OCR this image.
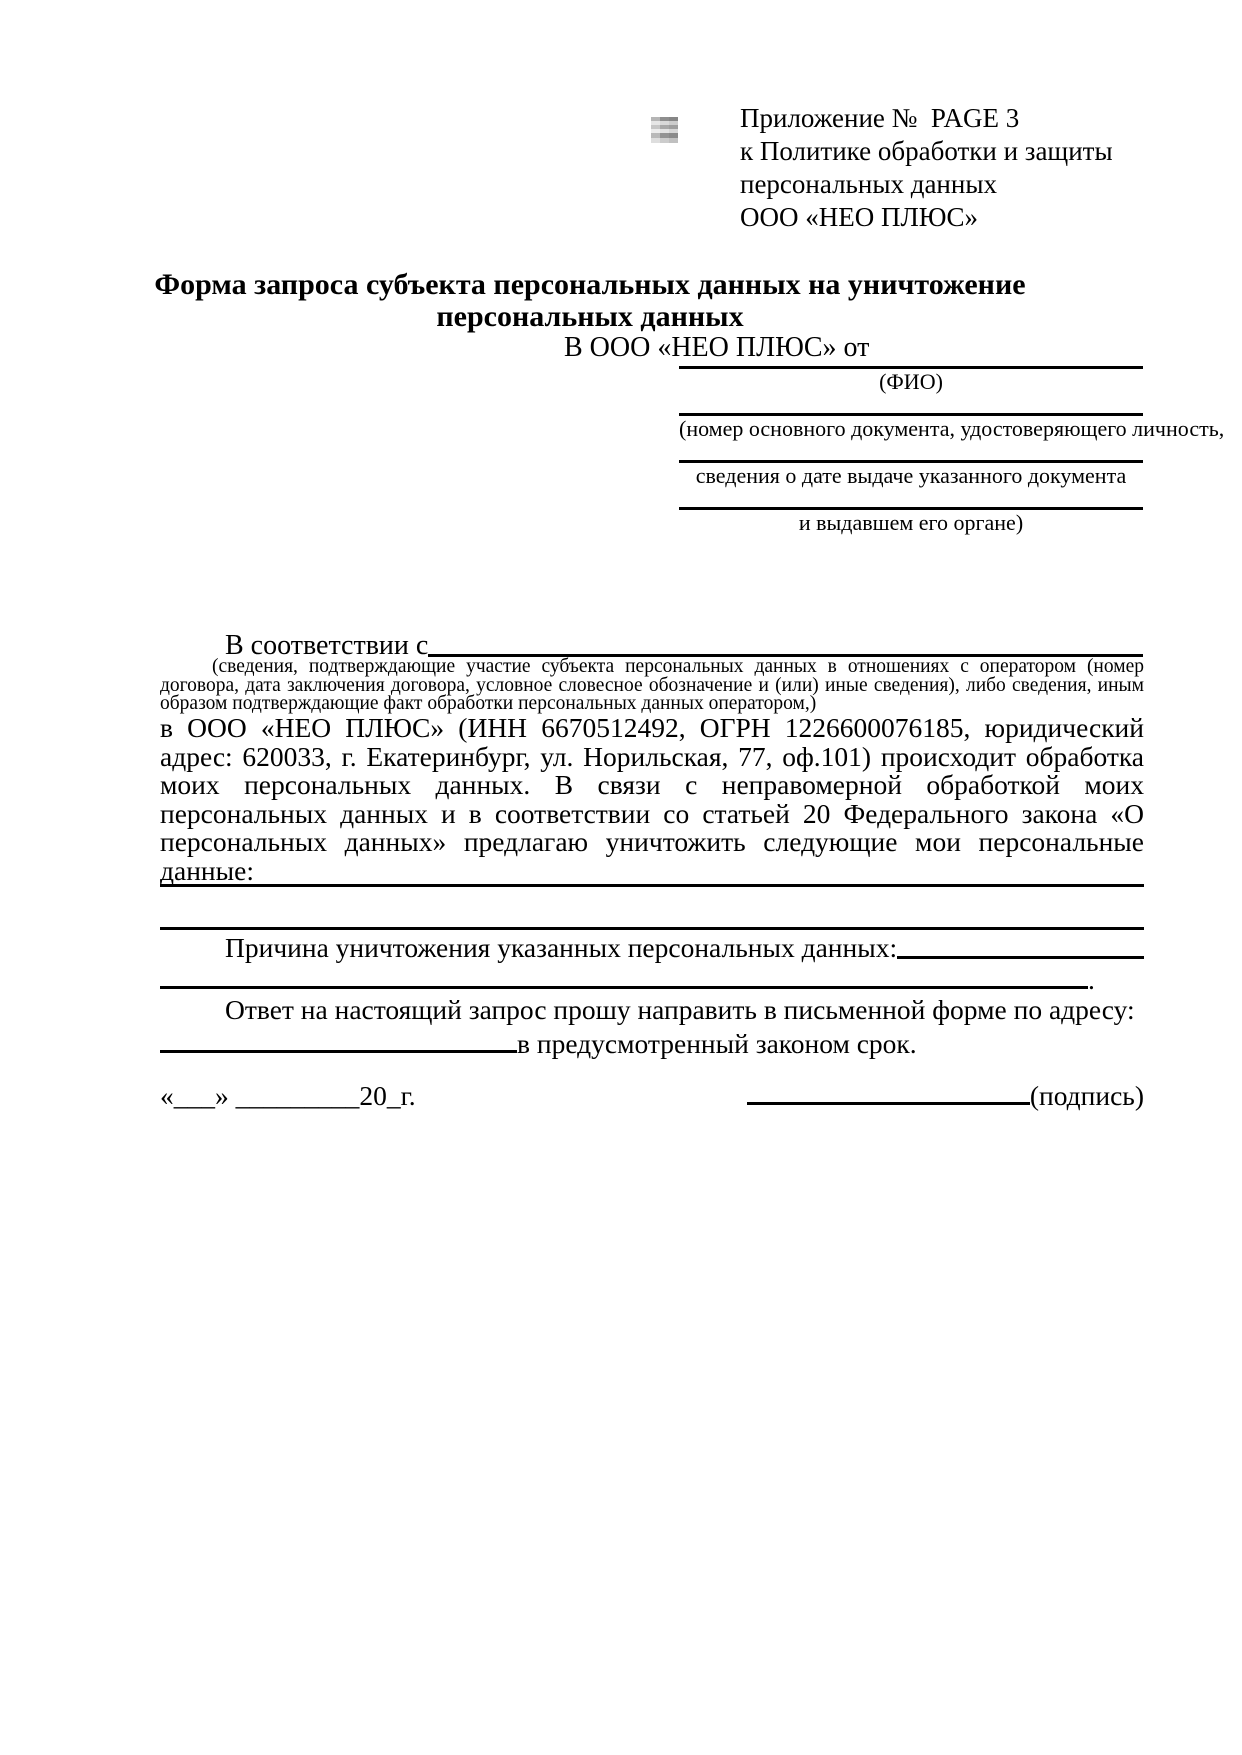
Приложение №  PAGE 3
к Политике обработки и защиты
персональных данных
ООО «НЕО ПЛЮС»
Форма запроса субъекта персональных данных на уничтожение
персональных данных
В ООО «НЕО ПЛЮС» от
(ФИО)
(номер основного документа, удостоверяющего личность,
сведения о дате выдаче указанного документа
и выдавшем его органе)
В соответствии с
(сведения, подтверждающие участие субъекта персональных данных в отношениях с оператором (номер договора, дата заключения договора, условное словесное обозначение и (или) иные сведения), либо сведения, иным образом подтверждающие факт обработки персональных данных оператором,)
в ООО «НЕО ПЛЮС» (ИНН 6670512492, ОГРН 1226600076185, юридический адрес: 620033, г. Екатеринбург, ул. Норильская, 77, оф.101) происходит обработка моих персональных данных. В связи с неправомерной обработкой моих персональных данных и в соответствии со статьей 20 Федерального закона «О персональных данных» предлагаю уничтожить следующие мои персональные данные:
Причина уничтожения указанных персональных данных:
.
Ответ на настоящий запрос прошу направить в письменной форме по адресу:
в предусмотренный законом срок.
«___» _________20_г.	(подпись)
